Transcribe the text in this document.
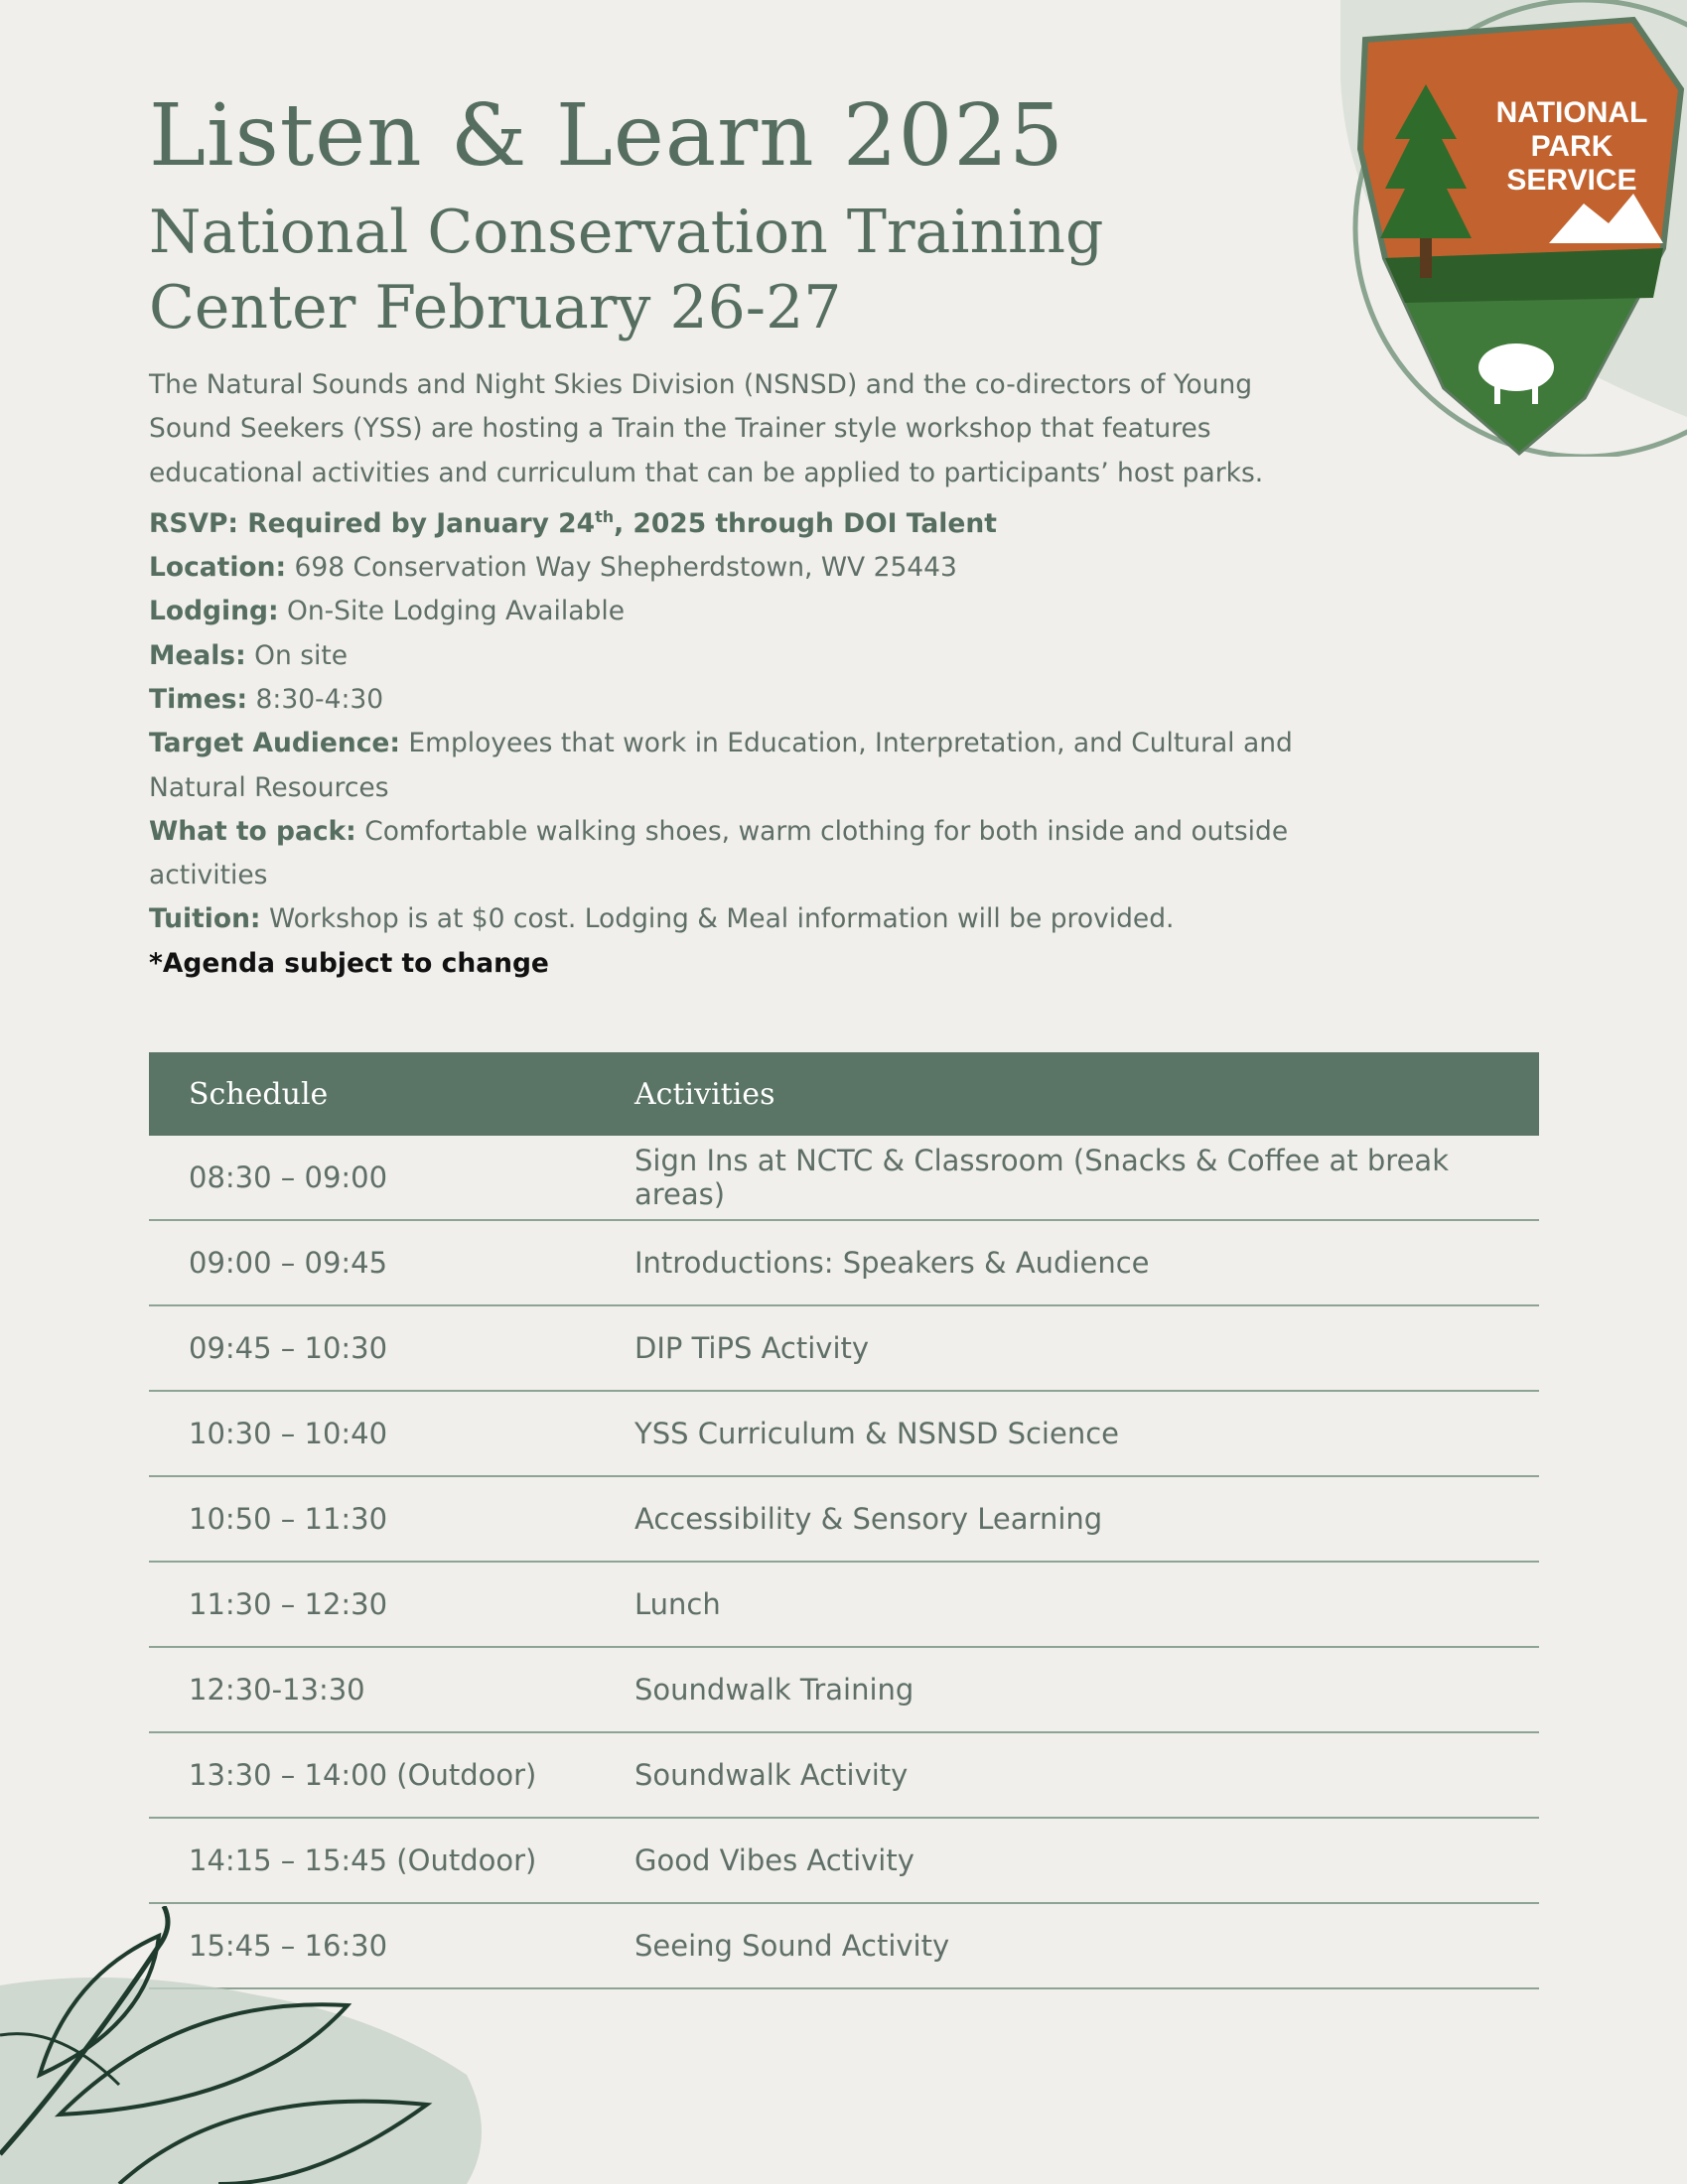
NATIONAL
PARK
SERVICE
Listen & Learn 2025
National Conservation Training Center February 26-27

The Natural Sounds and Night Skies Division (NSNSD) and the co-directors of Young Sound Seekers (YSS) are hosting a Train the Trainer style workshop that features educational activities and curriculum that can be applied to participants’ host parks.

RSVP: Required by January 24th, 2025 through DOI Talent

Location: 698 Conservation Way Shepherdstown, WV 25443

Lodging: On-Site Lodging Available

Meals: On site

Times: 8:30-4:30

Target Audience: Employees that work in Education, Interpretation, and Cultural and Natural Resources

What to pack: Comfortable walking shoes, warm clothing for both inside and outside activities

Tuition: Workshop is at $0 cost. Lodging & Meal information will be provided.

*Agenda subject to change

Schedule	Activities
08:30 – 09:00	Sign Ins at NCTC & Classroom (Snacks & Coffee at break areas)
09:00 – 09:45	Introductions: Speakers & Audience
09:45 – 10:30	DIP TiPS Activity
10:30 – 10:40	YSS Curriculum & NSNSD Science
10:50 – 11:30	Accessibility & Sensory Learning
11:30 – 12:30	Lunch
12:30-13:30	Soundwalk Training
13:30 – 14:00 (Outdoor)	Soundwalk Activity
14:15 – 15:45 (Outdoor)	Good Vibes Activity
15:45 – 16:30	Seeing Sound Activity
